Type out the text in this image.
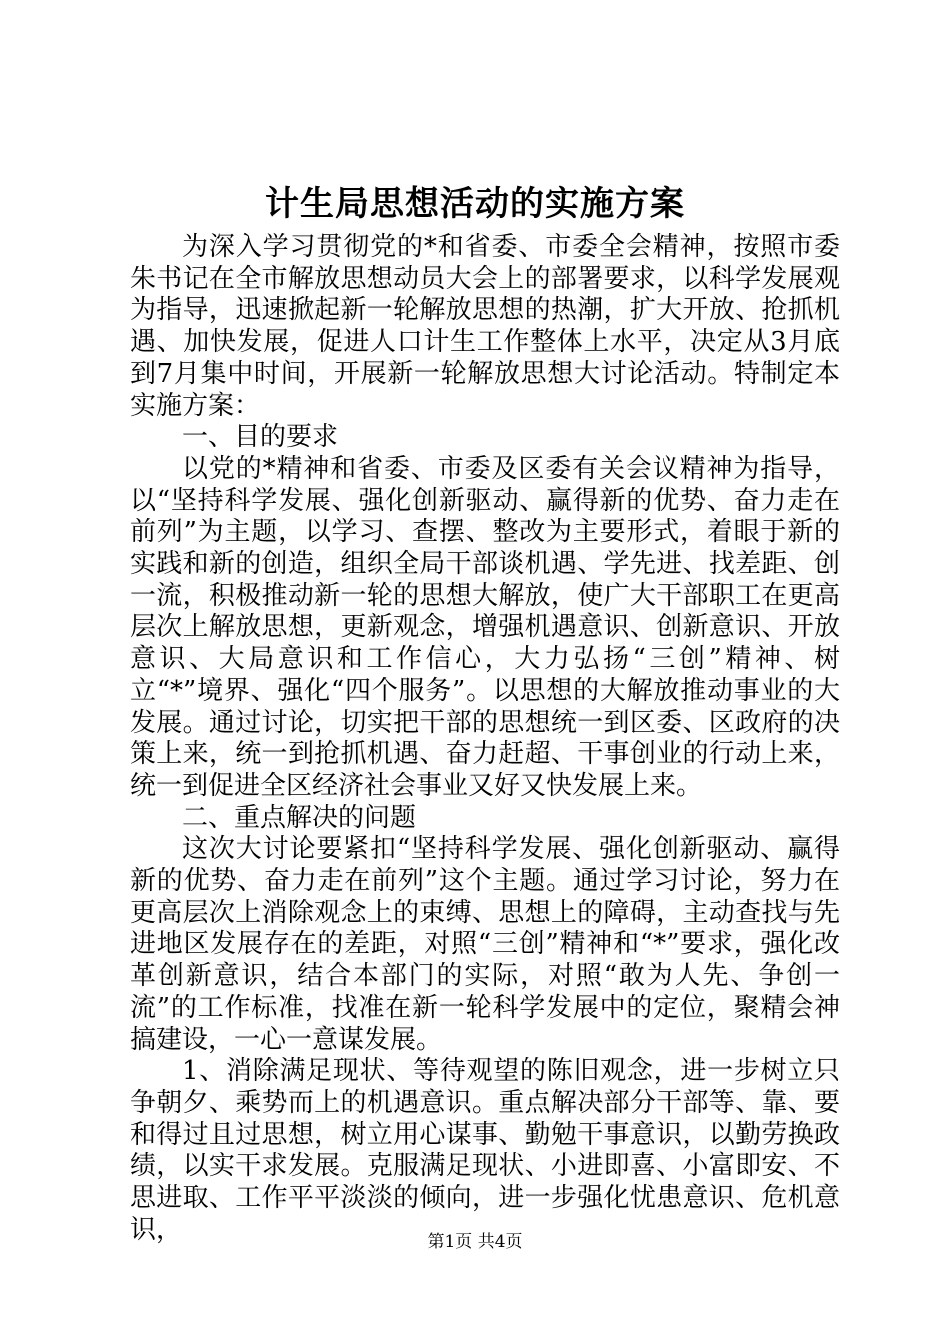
计生局思想活动的实施方案

为深入学习贯彻党的*和省委、市委全会精神，按照市委朱书记在全市解放思想动员大会上的部署要求，以科学发展观为指导，迅速掀起新一轮解放思想的热潮，扩大开放、抢抓机遇、加快发展，促进人口计生工作整体上水平，决定从3月底到7月集中时间，开展新一轮解放思想大讨论活动。特制定本实施方案：

一、目的要求

以党的*精神和省委、市委及区委有关会议精神为指导，以“坚持科学发展、强化创新驱动、赢得新的优势、奋力走在前列”为主题，以学习、查摆、整改为主要形式，着眼于新的实践和新的创造，组织全局干部谈机遇、学先进、找差距、创一流，积极推动新一轮的思想大解放，使广大干部职工在更高层次上解放思想，更新观念，增强机遇意识、创新意识、开放意识、大局意识和工作信心，大力弘扬“三创”精神、树立“*”境界、强化“四个服务”。以思想的大解放推动事业的大发展。通过讨论，切实把干部的思想统一到区委、区政府的决策上来，统一到抢抓机遇、奋力赶超、干事创业的行动上来，统一到促进全区经济社会事业又好又快发展上来。

二、重点解决的问题

这次大讨论要紧扣“坚持科学发展、强化创新驱动、赢得新的优势、奋力走在前列”这个主题。通过学习讨论，努力在更高层次上消除观念上的束缚、思想上的障碍，主动查找与先进地区发展存在的差距，对照“三创”精神和“*”要求，强化改革创新意识，结合本部门的实际，对照“敢为人先、争创一流”的工作标准，找准在新一轮科学发展中的定位，聚精会神搞建设，一心一意谋发展。

1、消除满足现状、等待观望的陈旧观念，进一步树立只争朝夕、乘势而上的机遇意识。重点解决部分干部等、靠、要和得过且过思想，树立用心谋事、勤勉干事意识，以勤劳换政绩，以实干求发展。克服满足现状、小进即喜、小富即安、不思进取、工作平平淡淡的倾向，进一步强化忧患意识、危机意识，	第1页 共4页
